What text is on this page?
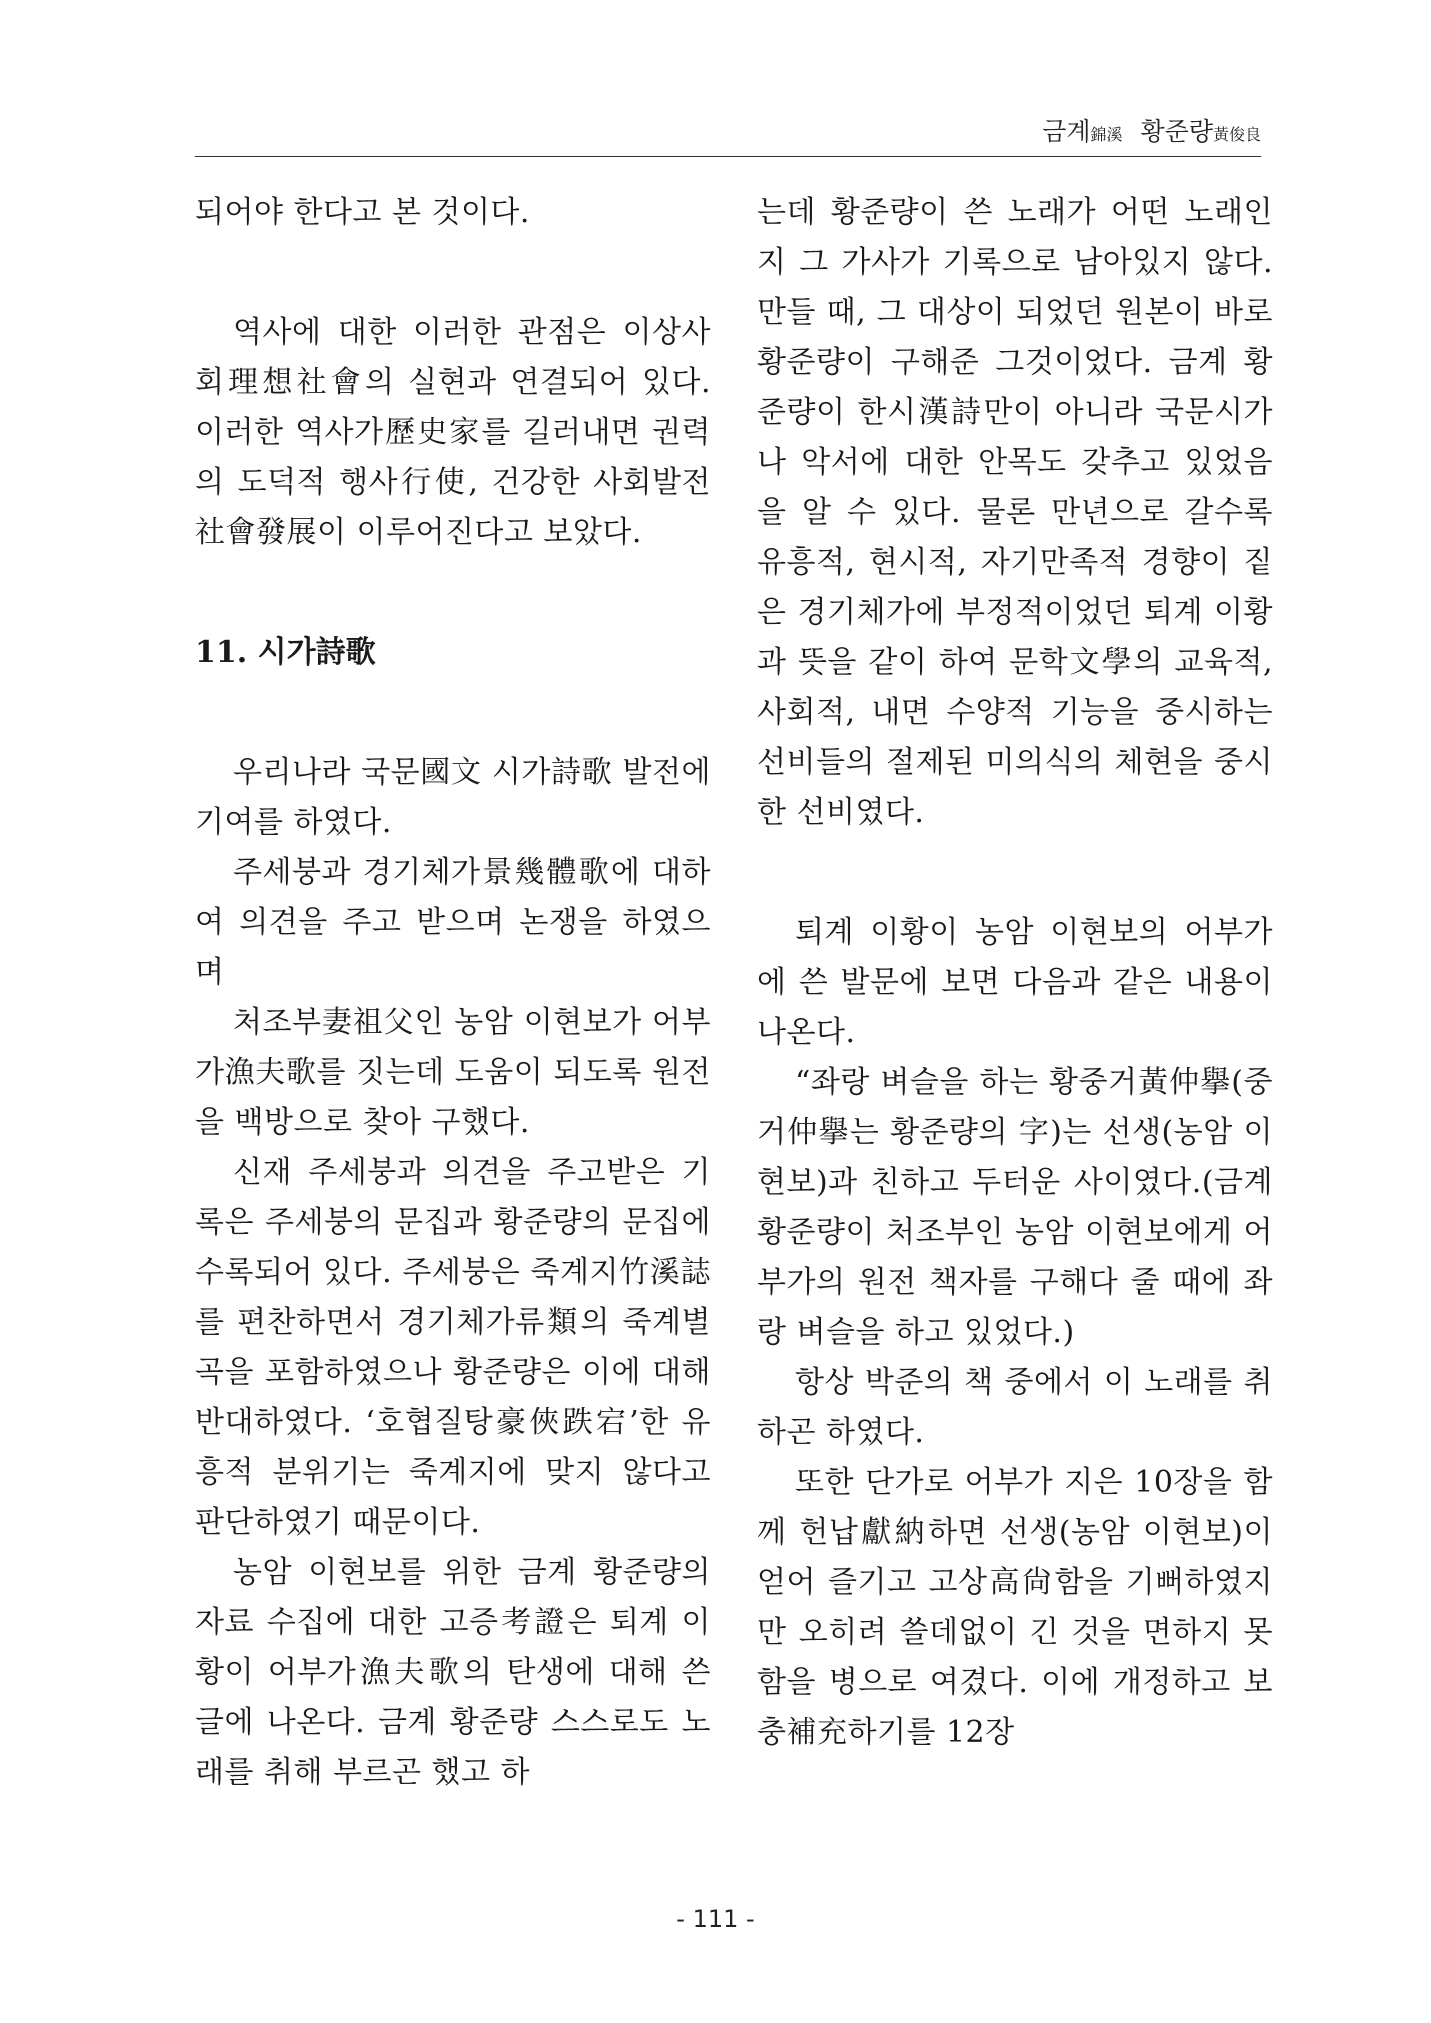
금계錦溪 황준량黃俊良

되어야 한다고 본 것이다.

역사에 대한 이러한 관점은 이상사회理想社會의 실현과 연결되어 있다. 이러한 역사가歷史家를 길러내면 권력의 도덕적 행사行使, 건강한 사회발전社會發展이 이루어진다고 보았다.

11. 시가詩歌

우리나라 국문國文 시가詩歌 발전에 기여를 하였다.

주세붕과 경기체가景幾體歌에 대하여 의견을 주고 받으며 논쟁을 하였으며

처조부妻祖父인 농암 이현보가 어부가漁夫歌를 짓는데 도움이 되도록 원전을 백방으로 찾아 구했다.

신재 주세붕과 의견을 주고받은 기록은 주세붕의 문집과 황준량의 문집에 수록되어 있다. 주세붕은 죽계지竹溪誌를 편찬하면서 경기체가류類의 죽계별곡을 포함하였으나 황준량은 이에 대해 반대하였다. ‘호협질탕豪俠跌宕’한 유흥적 분위기는 죽계지에 맞지 않다고 판단하였기 때문이다.

농암 이현보를 위한 금계 황준량의 자료 수집에 대한 고증考證은 퇴계 이황이 어부가漁夫歌의 탄생에 대해 쓴 글에 나온다. 금계 황준량 스스로도 노래를 취해 부르곤 했고 하

는데 황준량이 쓴 노래가 어떤 노래인지 그 가사가 기록으로 남아있지 않다. 만들 때, 그 대상이 되었던 원본이 바로 황준량이 구해준 그것이었다. 금계 황준량이 한시漢詩만이 아니라 국문시가나 악서에 대한 안목도 갖추고 있었음을 알 수 있다. 물론 만년으로 갈수록 유흥적, 현시적, 자기만족적 경향이 짙은 경기체가에 부정적이었던 퇴계 이황과 뜻을 같이 하여 문학文學의 교육적, 사회적, 내면 수양적 기능을 중시하는 선비들의 절제된 미의식의 체현을 중시한 선비였다.

퇴계 이황이 농암 이현보의 어부가에 쓴 발문에 보면 다음과 같은 내용이 나온다.

“좌랑 벼슬을 하는 황중거黃仲擧(중거仲擧는 황준량의 字)는 선생(농암 이현보)과 친하고 두터운 사이였다.(금계 황준량이 처조부인 농암 이현보에게 어부가의 원전 책자를 구해다 줄 때에 좌랑 벼슬을 하고 있었다.)

항상 박준의 책 중에서 이 노래를 취하곤 하였다.

또한 단가로 어부가 지은 10장을 함께 헌납獻納하면 선생(농암 이현보)이 얻어 즐기고 고상高尙함을 기뻐하였지만 오히려 쓸데없이 긴 것을 면하지 못함을 병으로 여겼다. 이에 개정하고 보충補充하기를 12장

- 111 -
